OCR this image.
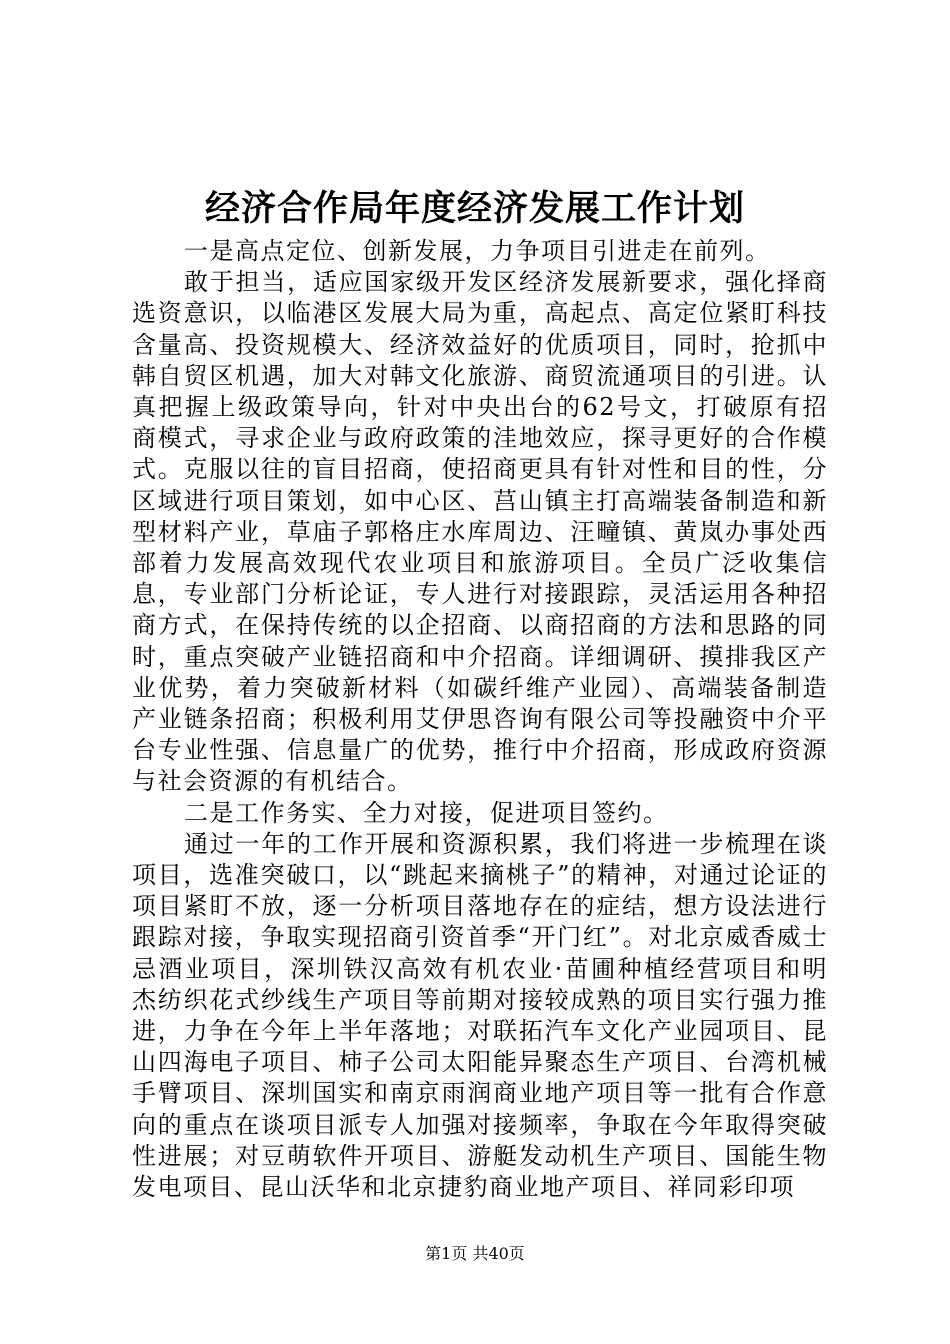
经济合作局年度经济发展工作计划

一是高点定位、创新发展，力争项目引进走在前列。

敢于担当，适应国家级开发区经济发展新要求，强化择商选资意识，以临港区发展大局为重，高起点、高定位紧盯科技含量高、投资规模大、经济效益好的优质项目，同时，抢抓中韩自贸区机遇，加大对韩文化旅游、商贸流通项目的引进。认真把握上级政策导向，针对中央出台的62号文，打破原有招商模式，寻求企业与政府政策的洼地效应，探寻更好的合作模式。克服以往的盲目招商，使招商更具有针对性和目的性，分区域进行项目策划，如中心区、莒山镇主打高端装备制造和新型材料产业，草庙子郭格庄水库周边、汪疃镇、黄岚办事处西部着力发展高效现代农业项目和旅游项目。全员广泛收集信息，专业部门分析论证，专人进行对接跟踪，灵活运用各种招商方式，在保持传统的以企招商、以商招商的方法和思路的同时，重点突破产业链招商和中介招商。详细调研、摸排我区产业优势，着力突破新材料（如碳纤维产业园）、高端装备制造产业链条招商；积极利用艾伊思咨询有限公司等投融资中介平台专业性强、信息量广的优势，推行中介招商，形成政府资源与社会资源的有机结合。

二是工作务实、全力对接，促进项目签约。

通过一年的工作开展和资源积累，我们将进一步梳理在谈项目，选准突破口，以“跳起来摘桃子”的精神，对通过论证的项目紧盯不放，逐一分析项目落地存在的症结，想方设法进行跟踪对接，争取实现招商引资首季“开门红”。对北京威香威士忌酒业项目，深圳铁汉高效有机农业·苗圃种植经营项目和明杰纺织花式纱线生产项目等前期对接较成熟的项目实行强力推进，力争在今年上半年落地；对联拓汽车文化产业园项目、昆山四海电子项目、柿子公司太阳能异聚态生产项目、台湾机械手臂项目、深圳国实和南京雨润商业地产项目等一批有合作意向的重点在谈项目派专人加强对接频率，争取在今年取得突破性进展；对豆萌软件开项目、游艇发动机生产项目、国能生物发电项目、昆山沃华和北京捷豹商业地产项目、祥同彩印项

第1页 共40页
